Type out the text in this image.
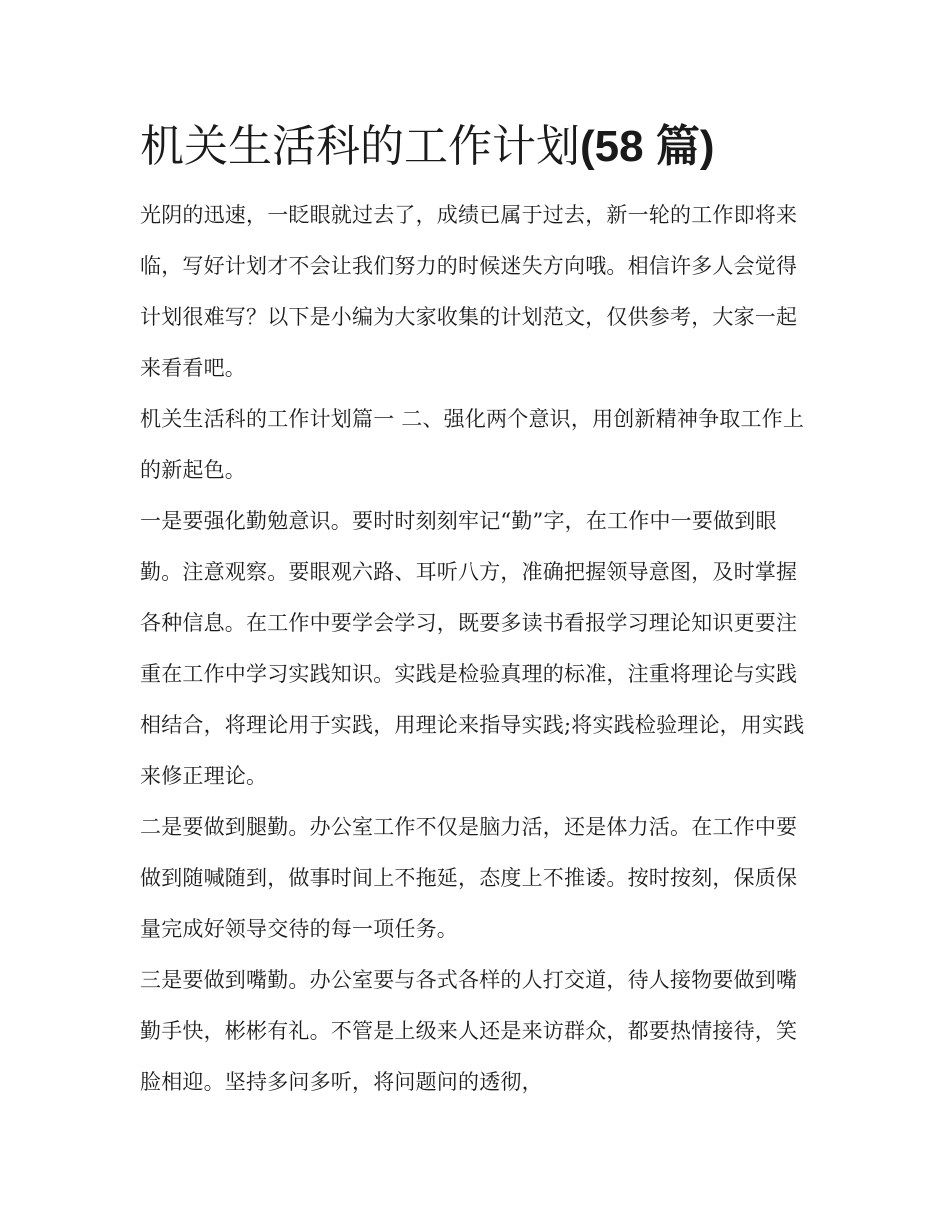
机关生活科的工作计划(58 篇)

光阴的迅速，一眨眼就过去了，成绩已属于过去，新一轮的工作即将来临，写好计划才不会让我们努力的时候迷失方向哦。相信许多人会觉得计划很难写？以下是小编为大家收集的计划范文，仅供参考，大家一起来看看吧。

机关生活科的工作计划篇一 二、强化两个意识，用创新精神争取工作上的新起色。

一是要强化勤勉意识。要时时刻刻牢记“勤”字，在工作中一要做到眼勤。注意观察。要眼观六路、耳听八方，准确把握领导意图，及时掌握各种信息。在工作中要学会学习，既要多读书看报学习理论知识更要注重在工作中学习实践知识。实践是检验真理的标准，注重将理论与实践相结合，将理论用于实践，用理论来指导实践;将实践检验理论，用实践来修正理论。

二是要做到腿勤。办公室工作不仅是脑力活，还是体力活。在工作中要做到随喊随到，做事时间上不拖延，态度上不推诿。按时按刻，保质保量完成好领导交待的每一项任务。

三是要做到嘴勤。办公室要与各式各样的人打交道，待人接物要做到嘴勤手快，彬彬有礼。不管是上级来人还是来访群众，都要热情接待，笑脸相迎。坚持多问多听，将问题问的透彻，
